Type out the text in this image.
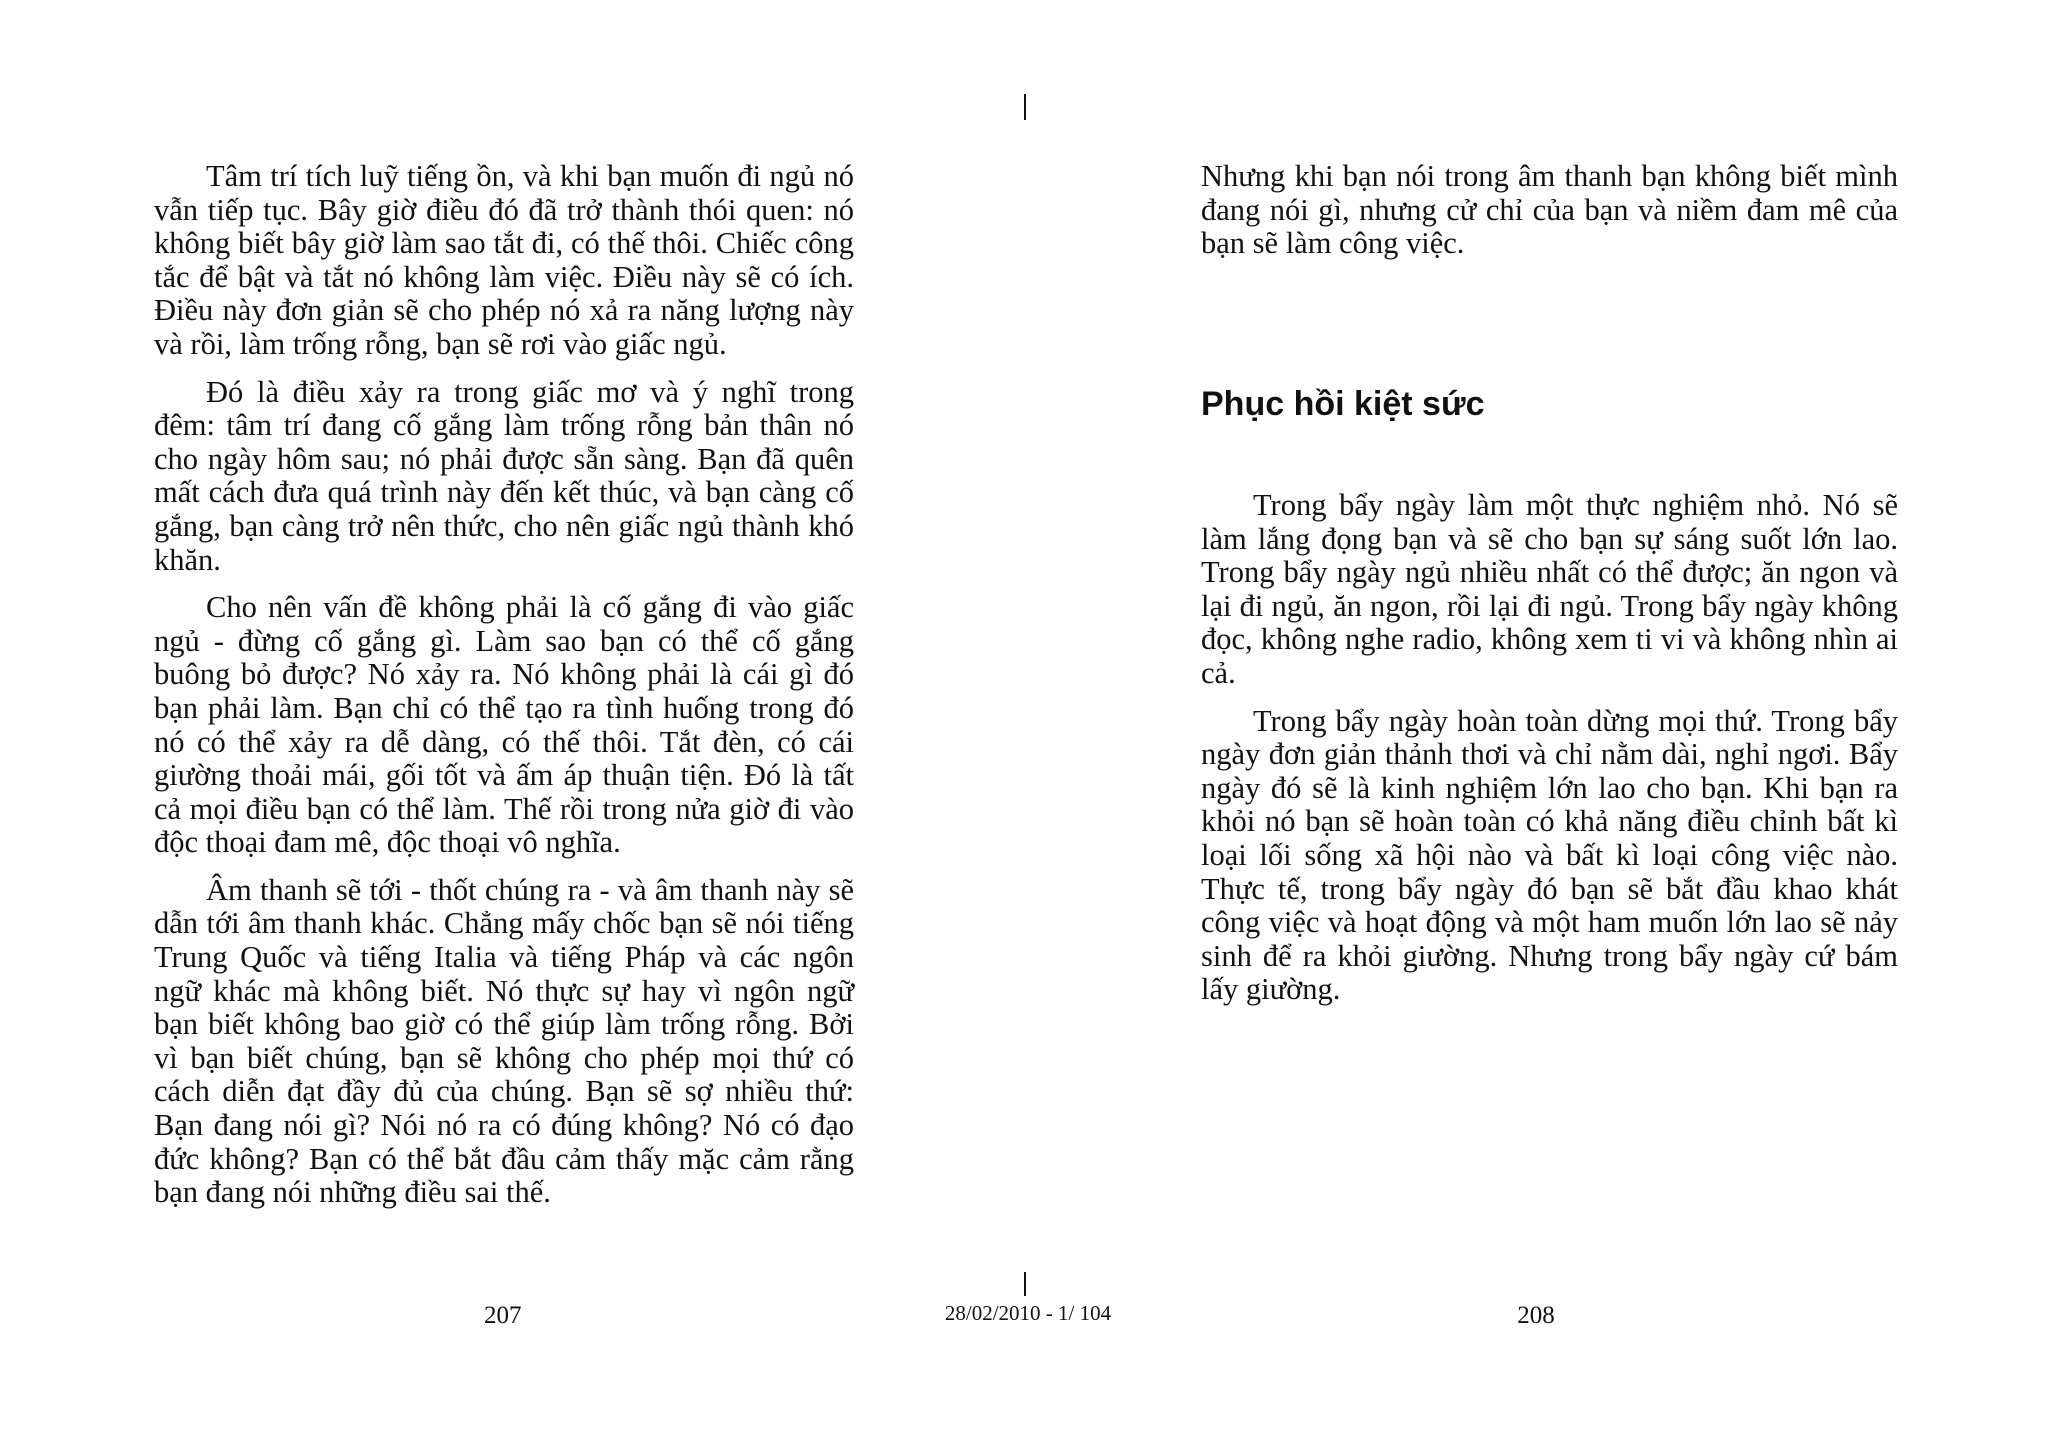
Tâm trí tích luỹ tiếng ồn, và khi bạn muốn đi ngủ nó vẫn tiếp tục. Bây giờ điều đó đã trở thành thói quen: nó không biết bây giờ làm sao tắt đi, có thế thôi. Chiếc công tắc để bật và tắt nó không làm việc. Điều này sẽ có ích. Điều này đơn giản sẽ cho phép nó xả ra năng lượng này và rồi, làm trống rỗng, bạn sẽ rơi vào giấc ngủ.

Đó là điều xảy ra trong giấc mơ và ý nghĩ trong đêm: tâm trí đang cố gắng làm trống rỗng bản thân nó cho ngày hôm sau; nó phải được sẵn sàng. Bạn đã quên mất cách đưa quá trình này đến kết thúc, và bạn càng cố gắng, bạn càng trở nên thức, cho nên giấc ngủ thành khó khăn.

Cho nên vấn đề không phải là cố gắng đi vào giấc ngủ - đừng cố gắng gì. Làm sao bạn có thể cố gắng buông bỏ được? Nó xảy ra. Nó không phải là cái gì đó bạn phải làm. Bạn chỉ có thể tạo ra tình huống trong đó nó có thể xảy ra dễ dàng, có thế thôi. Tắt đèn, có cái giường thoải mái, gối tốt và ấm áp thuận tiện. Đó là tất cả mọi điều bạn có thể làm. Thế rồi trong nửa giờ đi vào độc thoại đam mê, độc thoại vô nghĩa.

Âm thanh sẽ tới - thốt chúng ra - và âm thanh này sẽ dẫn tới âm thanh khác. Chẳng mấy chốc bạn sẽ nói tiếng Trung Quốc và tiếng Italia và tiếng Pháp và các ngôn ngữ khác mà không biết. Nó thực sự hay vì ngôn ngữ bạn biết không bao giờ có thể giúp làm trống rỗng. Bởi vì bạn biết chúng, bạn sẽ không cho phép mọi thứ có cách diễn đạt đầy đủ của chúng. Bạn sẽ sợ nhiều thứ: Bạn đang nói gì? Nói nó ra có đúng không? Nó có đạo đức không? Bạn có thể bắt đầu cảm thấy mặc cảm rằng bạn đang nói những điều sai thế.

207

Nhưng khi bạn nói trong âm thanh bạn không biết mình đang nói gì, nhưng cử chỉ của bạn và niềm đam mê của bạn sẽ làm công việc.

Phục hồi kiệt sức

Trong bẩy ngày làm một thực nghiệm nhỏ. Nó sẽ làm lắng đọng bạn và sẽ cho bạn sự sáng suốt lớn lao. Trong bẩy ngày ngủ nhiều nhất có thể được; ăn ngon và lại đi ngủ, ăn ngon, rồi lại đi ngủ. Trong bẩy ngày không đọc, không nghe radio, không xem ti vi và không nhìn ai cả.

Trong bẩy ngày hoàn toàn dừng mọi thứ. Trong bẩy ngày đơn giản thảnh thơi và chỉ nằm dài, nghỉ ngơi. Bẩy ngày đó sẽ là kinh nghiệm lớn lao cho bạn. Khi bạn ra khỏi nó bạn sẽ hoàn toàn có khả năng điều chỉnh bất kì loại lối sống xã hội nào và bất kì loại công việc nào. Thực tế, trong bẩy ngày đó bạn sẽ bắt đầu khao khát công việc và hoạt động và một ham muốn lớn lao sẽ nảy sinh để ra khỏi giường. Nhưng trong bẩy ngày cứ bám lấy giường.

208
28/02/2010 - 1/ 104
